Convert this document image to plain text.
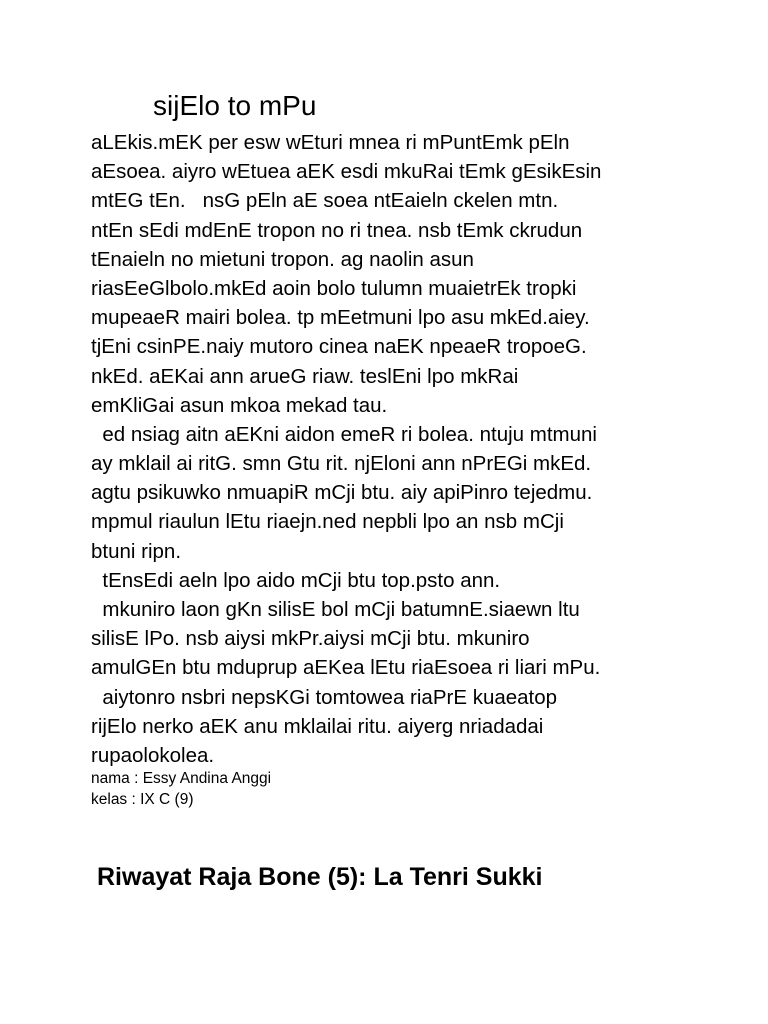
sijElo to mPu
aLEkis.mEK per esw wEturi mnea ri mPuntEmk pEln
aEsoea. aiyro wEtuea aEK esdi mkuRai tEmk gEsikEsin
mtEG tEn.   nsG pEln aE soea ntEaieln ckelen mtn.
ntEn sEdi mdEnE tropon no ri tnea. nsb tEmk ckrudun
tEnaieln no mietuni tropon. ag naolin asun
riasEeGlbolo.mkEd aoin bolo tulumn muaietrEk tropki
mupeaeR mairi bolea. tp mEetmuni lpo asu mkEd.aiey.
tjEni csinPE.naiy mutoro cinea naEK npeaeR tropoeG.
nkEd. aEKai ann arueG riaw. teslEni lpo mkRai
emKliGai asun mkoa mekad tau.
ed nsiag aitn aEKni aidon emeR ri bolea. ntuju mtmuni
ay mklail ai ritG. smn Gtu rit. njEloni ann nPrEGi mkEd.
agtu psikuwko nmuapiR mCji btu. aiy apiPinro tejedmu.
mpmul riaulun lEtu riaejn.ned nepbli lpo an nsb mCji
btuni ripn.
tEnsEdi aeln lpo aido mCji btu top.psto ann.
mkuniro laon gKn silisE bol mCji batumnE.siaewn ltu
silisE lPo. nsb aiysi mkPr.aiysi mCji btu. mkuniro
amulGEn btu mduprup aEKea lEtu riaEsoea ri liari mPu.
aiytonro nsbri nepsKGi tomtowea riaPrE kuaeatop
rijElo nerko aEK anu mklailai ritu. aiyerg nriadadai
rupaolokolea.
nama : Essy Andina Anggi
kelas : IX C (9)
Riwayat Raja Bone (5): La Tenri Sukki
